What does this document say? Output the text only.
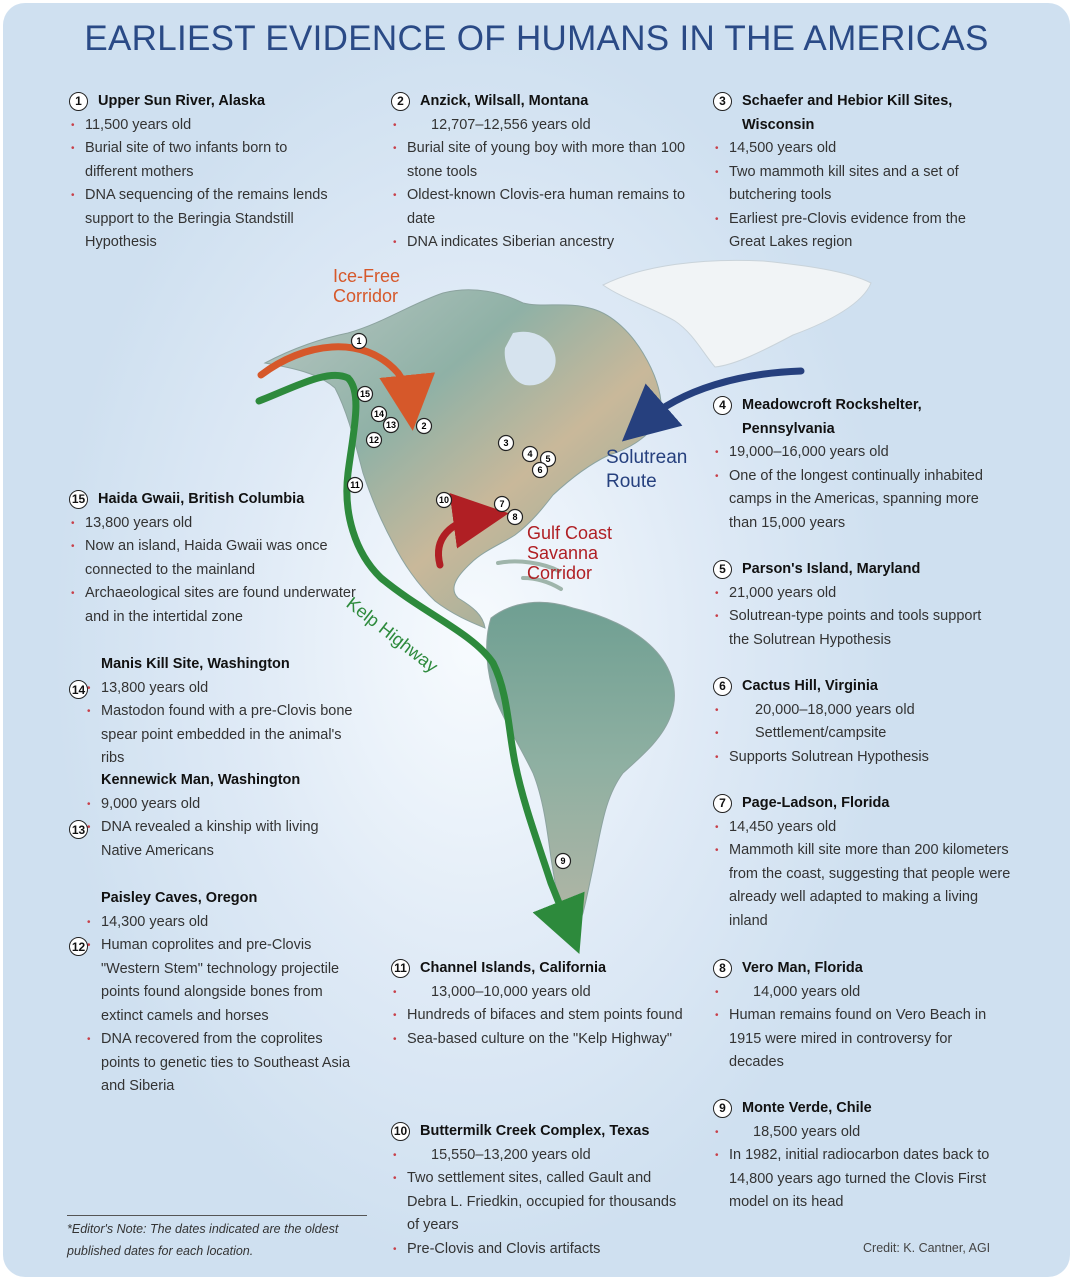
1
2
3
4 5
6
7
8
9
10
11
12
13
14
15
EARLIEST EVIDENCE OF HUMANS IN THE AMERICAS
Ice-Free
Corridor
Solutrean
Route
Gulf Coast
Savanna
Corridor
Kelp Highway
1	Upper Sun River, Alaska
• 11,500 years old
• Burial site of two infants born to different mothers
• DNA sequencing of the remains lends support to the Beringia Standstill Hypothesis
2	Anzick, Wilsall, Montana
• 12,707–12,556 years old
• Burial site of young boy with more than 100 stone tools
• Oldest-known Clovis-era human remains to date
• DNA indicates Siberian ancestry
3	Schaefer and Hebior Kill Sites, Wisconsin
• 14,500 years old
• Two mammoth kill sites and a set of butchering tools
• Earliest pre-Clovis evidence from the Great Lakes region
4	Meadowcroft Rockshelter, Pennsylvania
• 19,000–16,000 years old
• One of the longest continually inhabited camps in the Americas, spanning more than 15,000 years
5	Parson's Island, Maryland
• 21,000 years old
• Solutrean-type points and tools support the Solutrean Hypothesis
6	Cactus Hill, Virginia
• 20,000–18,000 years old
• Settlement/campsite
• Supports Solutrean Hypothesis
7	Page-Ladson, Florida
• 14,450 years old
• Mammoth kill site more than 200 kilometers from the coast, suggesting that people were already well adapted to making a living inland
8	Vero Man, Florida
• 14,000 years old
• Human remains found on Vero Beach in 1915 were mired in controversy for decades
9	Monte Verde, Chile
• 18,500 years old
• In 1982, initial radiocarbon dates back to 14,800 years ago turned the Clovis First model on its head
10 Buttermilk Creek Complex, Texas
• 15,550–13,200 years old
• Two settlement sites, called Gault and Debra L. Friedkin, occupied for thousands of years
• Pre-Clovis and Clovis artifacts
11 Channel Islands, California
• 13,000–10,000 years old
• Hundreds of bifaces and stem points found
• Sea-based culture on the "Kelp Highway"
15 Haida Gwaii, British Columbia
• 13,800 years old
• Now an island, Haida Gwaii was once connected to the mainland
• Archaeological sites are found underwater and in the intertidal zone
Manis Kill Site, Washington
• 13,800 years old
• Mastodon found with a pre-Clovis bone spear point embedded in the animal's ribs
14
Kennewick Man, Washington
• 9,000 years old
• DNA revealed a kinship with living Native Americans
13
Paisley Caves, Oregon
• 14,300 years old
• Human coprolites and pre-Clovis "Western Stem" technology projectile points found alongside bones from extinct camels and horses
• DNA recovered from the coprolites points to genetic ties to Southeast Asia and Siberia
12
*Editor's Note: The dates indicated are the oldest published dates for each location.	Credit: K. Cantner, AGI
